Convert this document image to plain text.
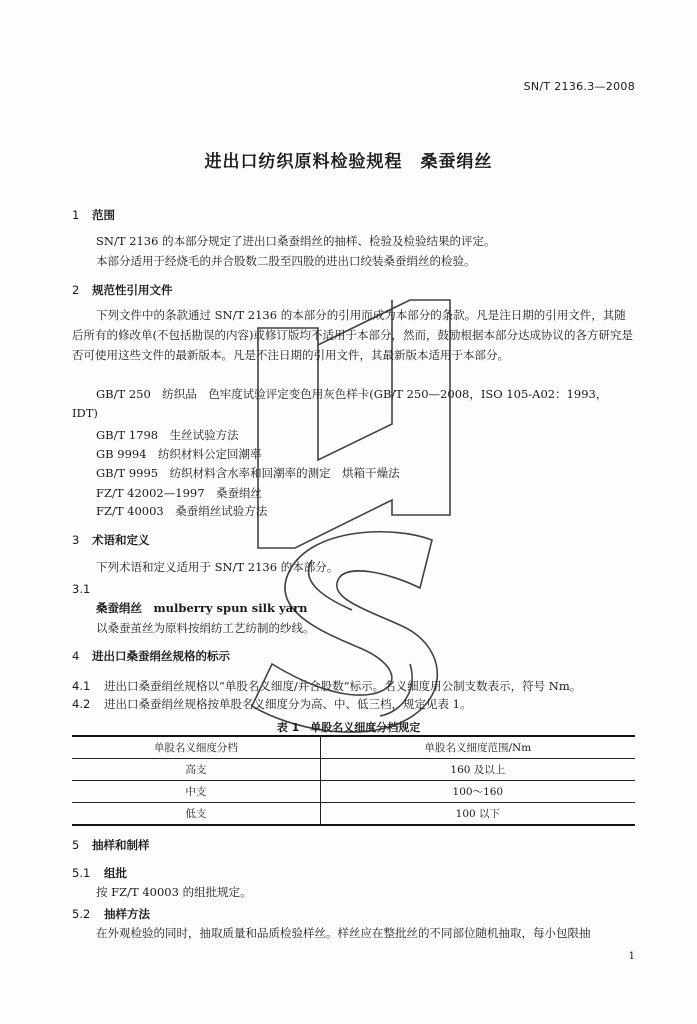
SN/T 2136.3—2008
进出口纺织原料检验规程　桑蚕绢丝
1 范围
SN/T 2136 的本部分规定了进出口桑蚕绢丝的抽样、检验及检验结果的评定。
本部分适用于经烧毛的并合股数二股至四股的进出口绞装桑蚕绢丝的检验。
2 规范性引用文件
下列文件中的条款通过 SN/T 2136 的本部分的引用而成为本部分的条款。凡是注日期的引用文件，其随后所有的修改单(不包括勘误的内容)或修订版均不适用于本部分，然而，鼓励根据本部分达成协议的各方研究是否可使用这些文件的最新版本。凡是不注日期的引用文件，其最新版本适用于本部分。
GB/T 250　纺织品　色牢度试验评定变色用灰色样卡(GB/T 250—2008，ISO 105-A02：1993，
IDT)
GB/T 1798　生丝试验方法
GB 9994　纺织材料公定回潮率
GB/T 9995　纺织材料含水率和回潮率的测定　烘箱干燥法
FZ/T 42002—1997　桑蚕绢丝
FZ/T 40003　桑蚕绢丝试验方法
3 术语和定义
下列术语和定义适用于 SN/T 2136 的本部分。
3.1
桑蚕绢丝　mulberry spun silk yarn
以桑蚕茧丝为原料按绢纺工艺纺制的纱线。
4 进出口桑蚕绢丝规格的标示
4.1 进出口桑蚕绢丝规格以“单股名义细度/并合股数”标示。名义细度用公制支数表示，符号 Nm。
4.2 进出口桑蚕绢丝规格按单股名义细度分为高、中、低三档，规定见表 1。
表 1　单股名义细度分档规定
单股名义细度分档	单股名义细度范围/Nm
高支	160 及以上
中支	100～160
低支	100 以下
5 抽样和制样
5.1 组批
按 FZ/T 40003 的组批规定。
5.2 抽样方法
在外观检验的同时，抽取质量和品质检验样丝。样丝应在整批丝的不同部位随机抽取，每小包限抽
1
